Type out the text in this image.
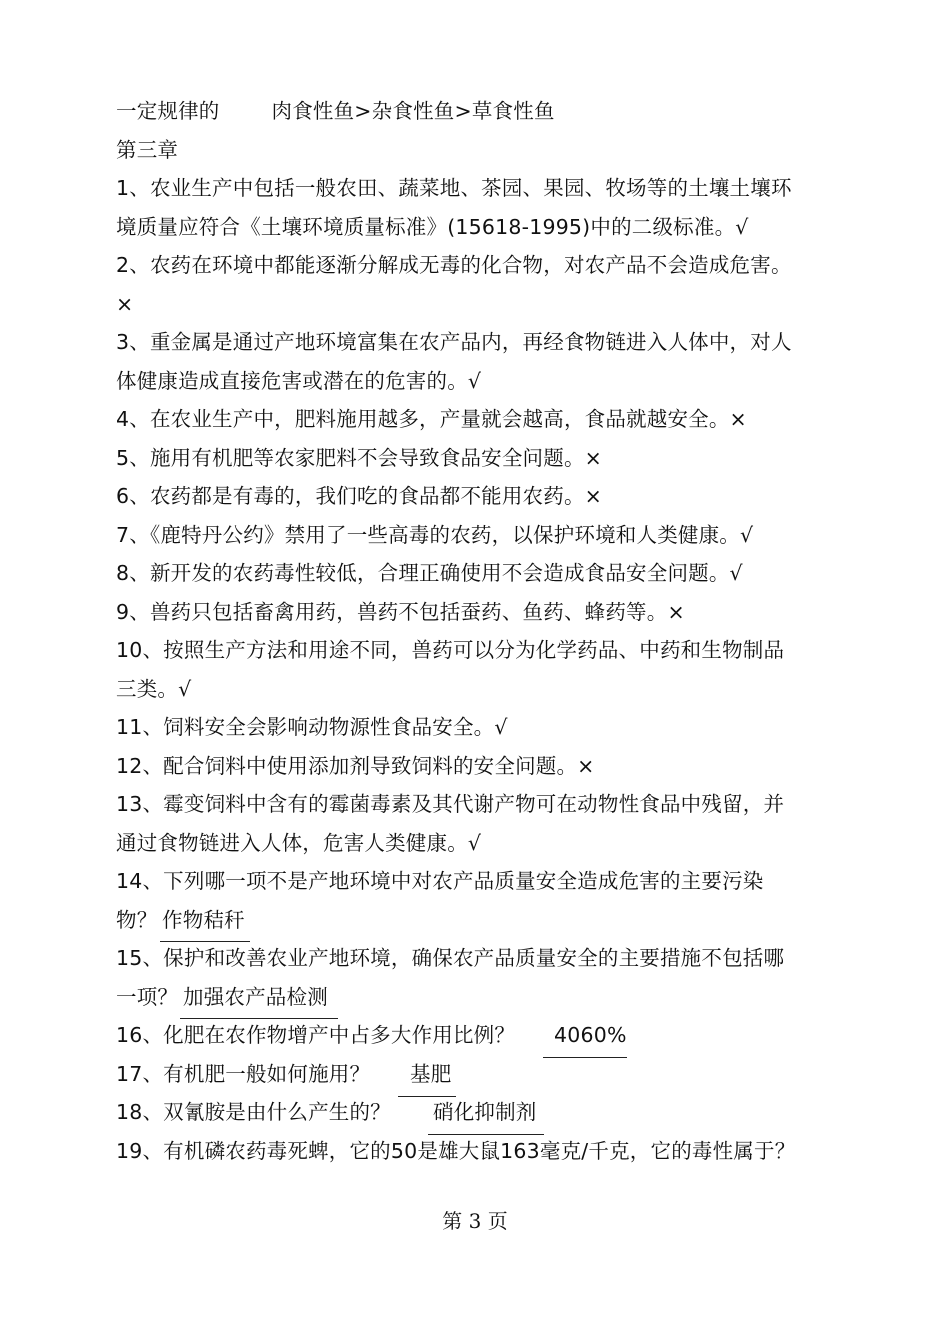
一定规律的	肉食性鱼>杂食性鱼>草食性鱼
第三章
1、农业生产中包括一般农田、蔬菜地、茶园、果园、牧场等的土壤土壤环
境质量应符合《土壤环境质量标准》(15618-1995)中的二级标准。√
2、农药在环境中都能逐渐分解成无毒的化合物，对农产品不会造成危害。
×
3、重金属是通过产地环境富集在农产品内，再经食物链进入人体中，对人
体健康造成直接危害或潜在的危害的。√
4、在农业生产中，肥料施用越多，产量就会越高，食品就越安全。×
5、施用有机肥等农家肥料不会导致食品安全问题。×
6、农药都是有毒的，我们吃的食品都不能用农药。×
7、《鹿特丹公约》禁用了一些高毒的农药，以保护环境和人类健康。√
8、新开发的农药毒性较低，合理正确使用不会造成食品安全问题。√
9、兽药只包括畜禽用药，兽药不包括蚕药、鱼药、蜂药等。×
10、按照生产方法和用途不同，兽药可以分为化学药品、中药和生物制品
三类。√
11、饲料安全会影响动物源性食品安全。√
12、配合饲料中使用添加剂导致饲料的安全问题。×
13、霉变饲料中含有的霉菌毒素及其代谢产物可在动物性食品中残留，并
通过食物链进入人体，危害人类健康。√
14、下列哪一项不是产地环境中对农产品质量安全造成危害的主要污染
物？
15、保护和改善农业产地环境，确保农产品质量安全的主要措施不包括哪
一项？
16、化肥在农作物增产中占多大作用比例？
17、有机肥一般如何施用？
18、双氰胺是由什么产生的？
19、有机磷农药毒死蜱，它的50是雄大鼠163毫克/千克，它的毒性属于？
作物秸秆
加强农产品检测
4060%
基肥
硝化抑制剂
第 3 页
